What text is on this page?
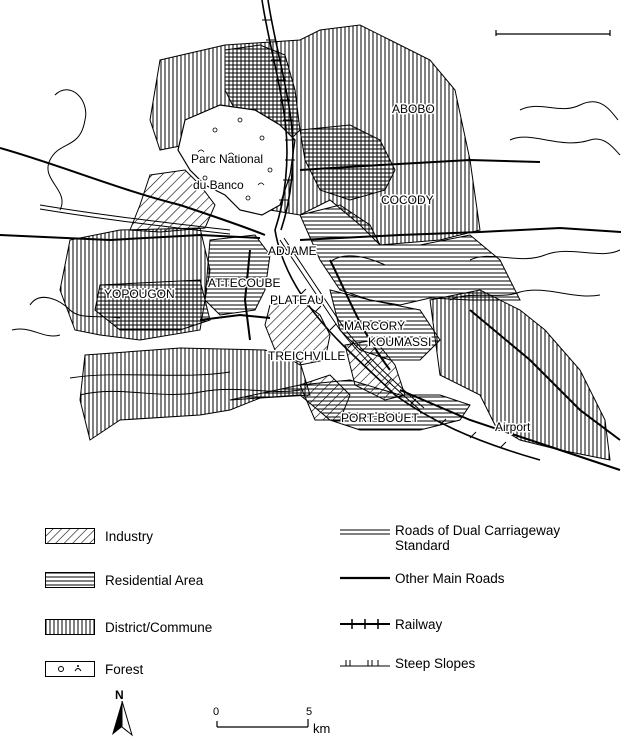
ABOBO
Parc National
du Banco
COCODY
ADJAME
ATTECOUBE
YOPOUGON	PLATEAU
MARCORY
KOUMASSI
TREICHVILLE
PORT-BOUET
Airport
Industry
Residential Area
District/Commune
Forest
Roads of Dual Carriageway
Standard
Other Main Roads
Railway
Steep Slopes
N
0	5
km
